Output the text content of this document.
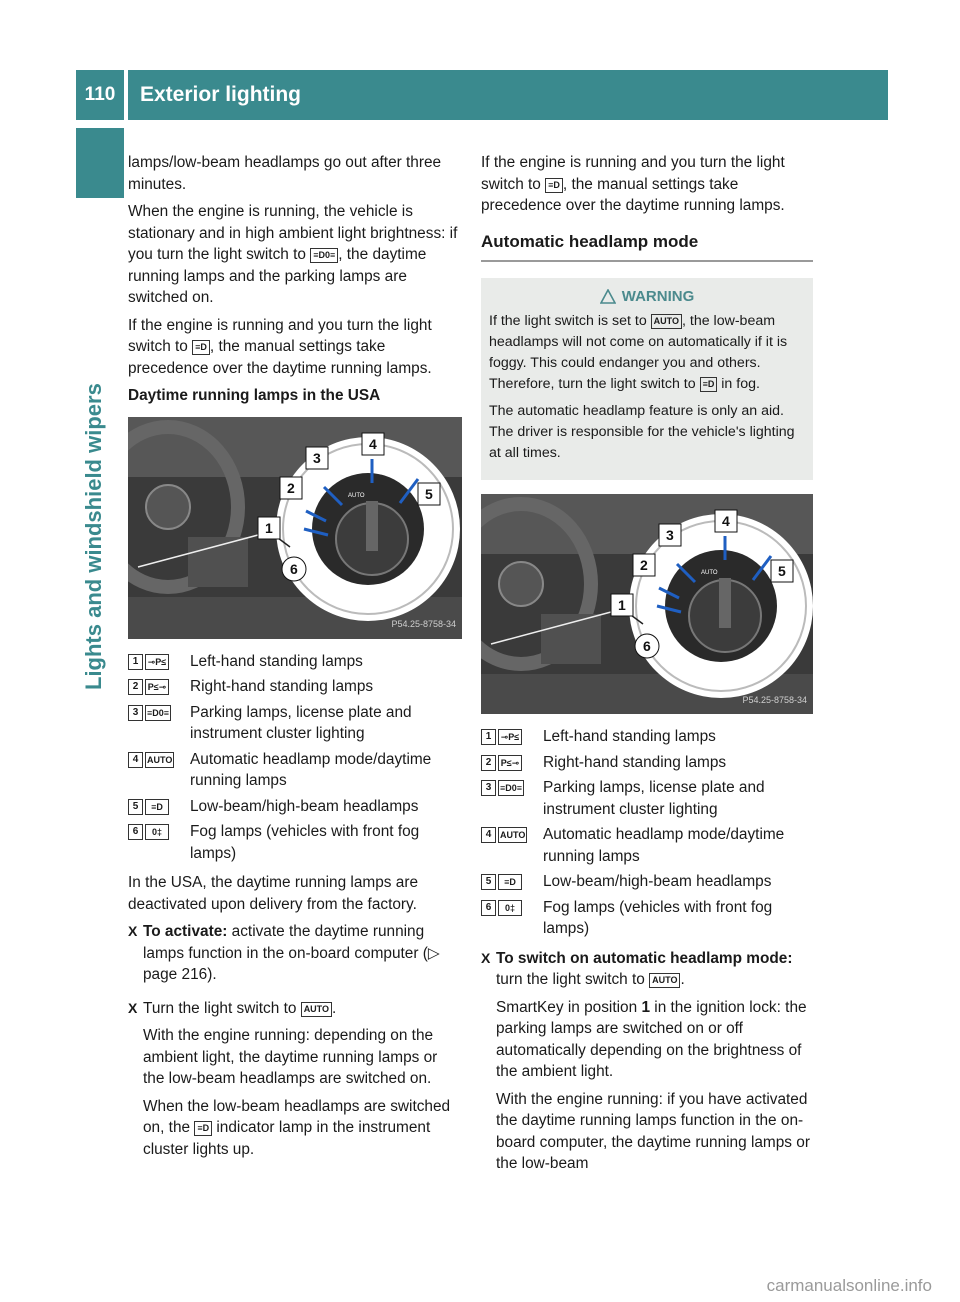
110	Exterior lighting
Lights and windshield wipers

lamps/low-beam headlamps go out after three minutes.

When the engine is running, the vehicle is stationary and in high ambient light brightness: if you turn the light switch to ≡D0≡ , the daytime running lamps and the parking lamps are switched on.

If the engine is running and you turn the light switch to ≡D , the manual settings take precedence over the daytime running lamps.

Daytime running lamps in the USA
AUTO
1
2
3
4
5
6
P54.25-8758-34
1	⊸P≤ Left-hand standing lamps
2	P≤⊸ Right-hand standing lamps
3 ≡D0≡ Parking lamps, license plate and instrument cluster lighting
4 AUTO Automatic headlamp mode/daytime running lamps
5	≡D	Low-beam/high-beam headlamps
6	0‡	Fog lamps (vehicles with front fog lamps)

In the USA, the daytime running lamps are deactivated upon delivery from the factory.

X To activate: activate the daytime running lamps function in the on-board computer (▷ page 216).

X Turn the light switch to AUTO .

With the engine running: depending on the ambient light, the daytime running lamps or the low-beam headlamps are switched on.

When the low-beam headlamps are switched on, the ≡D indicator lamp in the instrument cluster lights up.

If the engine is running and you turn the light switch to ≡D , the manual settings take precedence over the daytime running lamps.

Automatic headlamp mode
WARNING

If the light switch is set to AUTO , the low-beam headlamps will not come on automatically if it is foggy. This could endanger you and others. Therefore, turn the light switch to ≡D in fog.

The automatic headlamp feature is only an aid. The driver is responsible for the vehicle's lighting at all times.

AUTO
1
2
3
4
5
6
P54.25-8758-34
1	⊸P≤ Left-hand standing lamps
2	P≤⊸ Right-hand standing lamps
3 ≡D0≡ Parking lamps, license plate and instrument cluster lighting
4 AUTO Automatic headlamp mode/daytime running lamps
5	≡D	Low-beam/high-beam headlamps
6	0‡	Fog lamps (vehicles with front fog lamps)
X To switch on automatic headlamp mode: turn the light switch to AUTO .

SmartKey in position 1 in the ignition lock: the parking lamps are switched on or off automatically depending on the brightness of the ambient light.

With the engine running: if you have activated the daytime running lamps function in the on-board computer, the daytime running lamps or the low-beam

carmanualsonline.info
